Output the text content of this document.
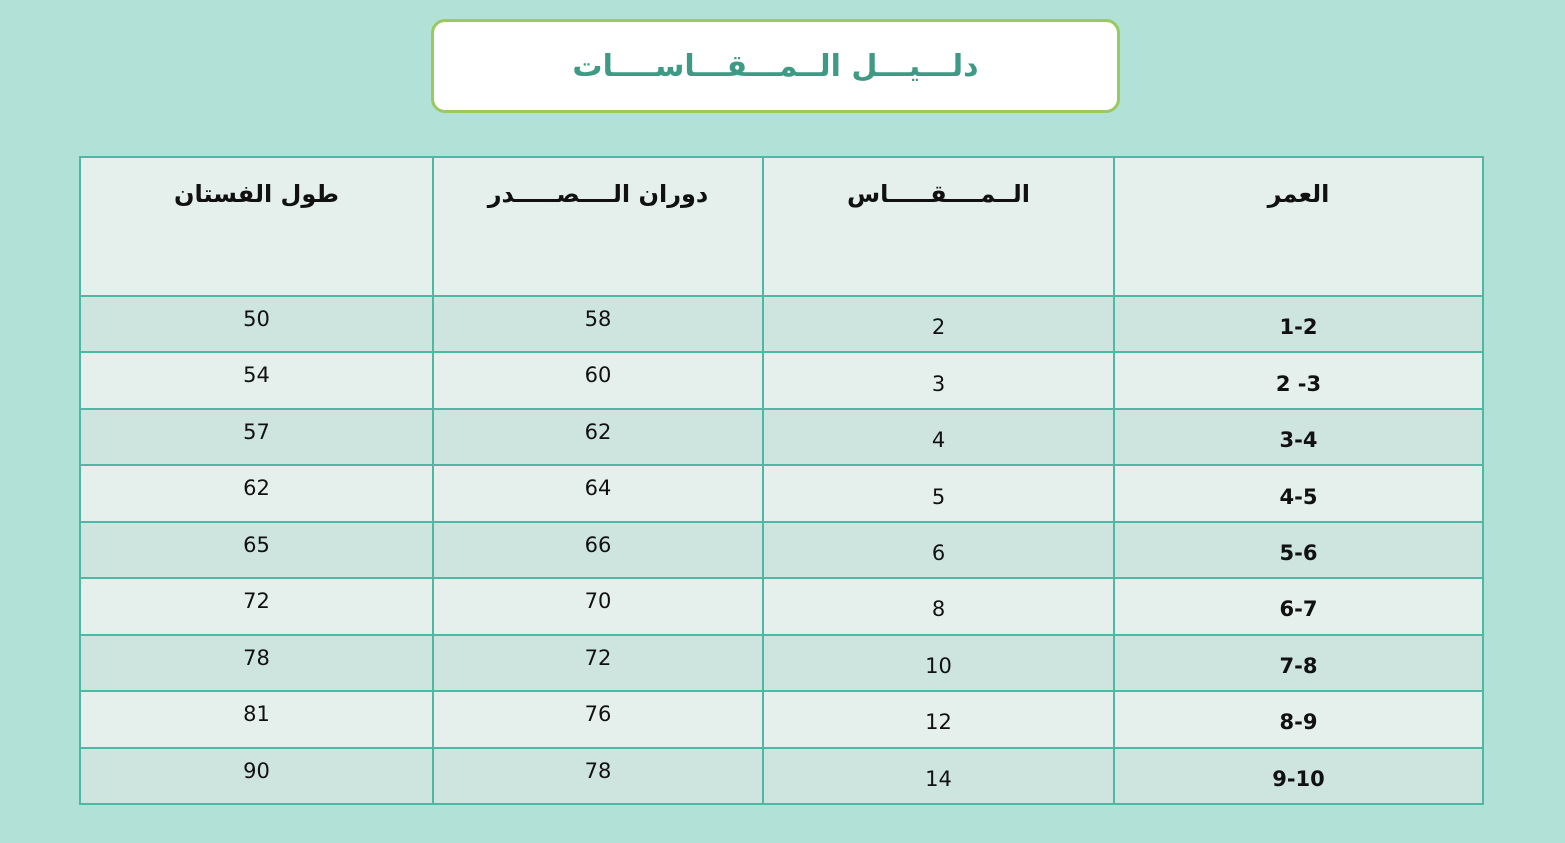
دلـــيـــل الــمـــقـــاســــات
العمر	الــمــــقـــــاس	دوران الــــصـــــدر	طول الفستان
1-2	2	58	50
2 -3	3	60	54
3-4	4	62	57
4-5	5	64	62
5-6	6	66	65
6-7	8	70	72
7-8	10	72	78
8-9	12	76	81
9-10	14	78	90
